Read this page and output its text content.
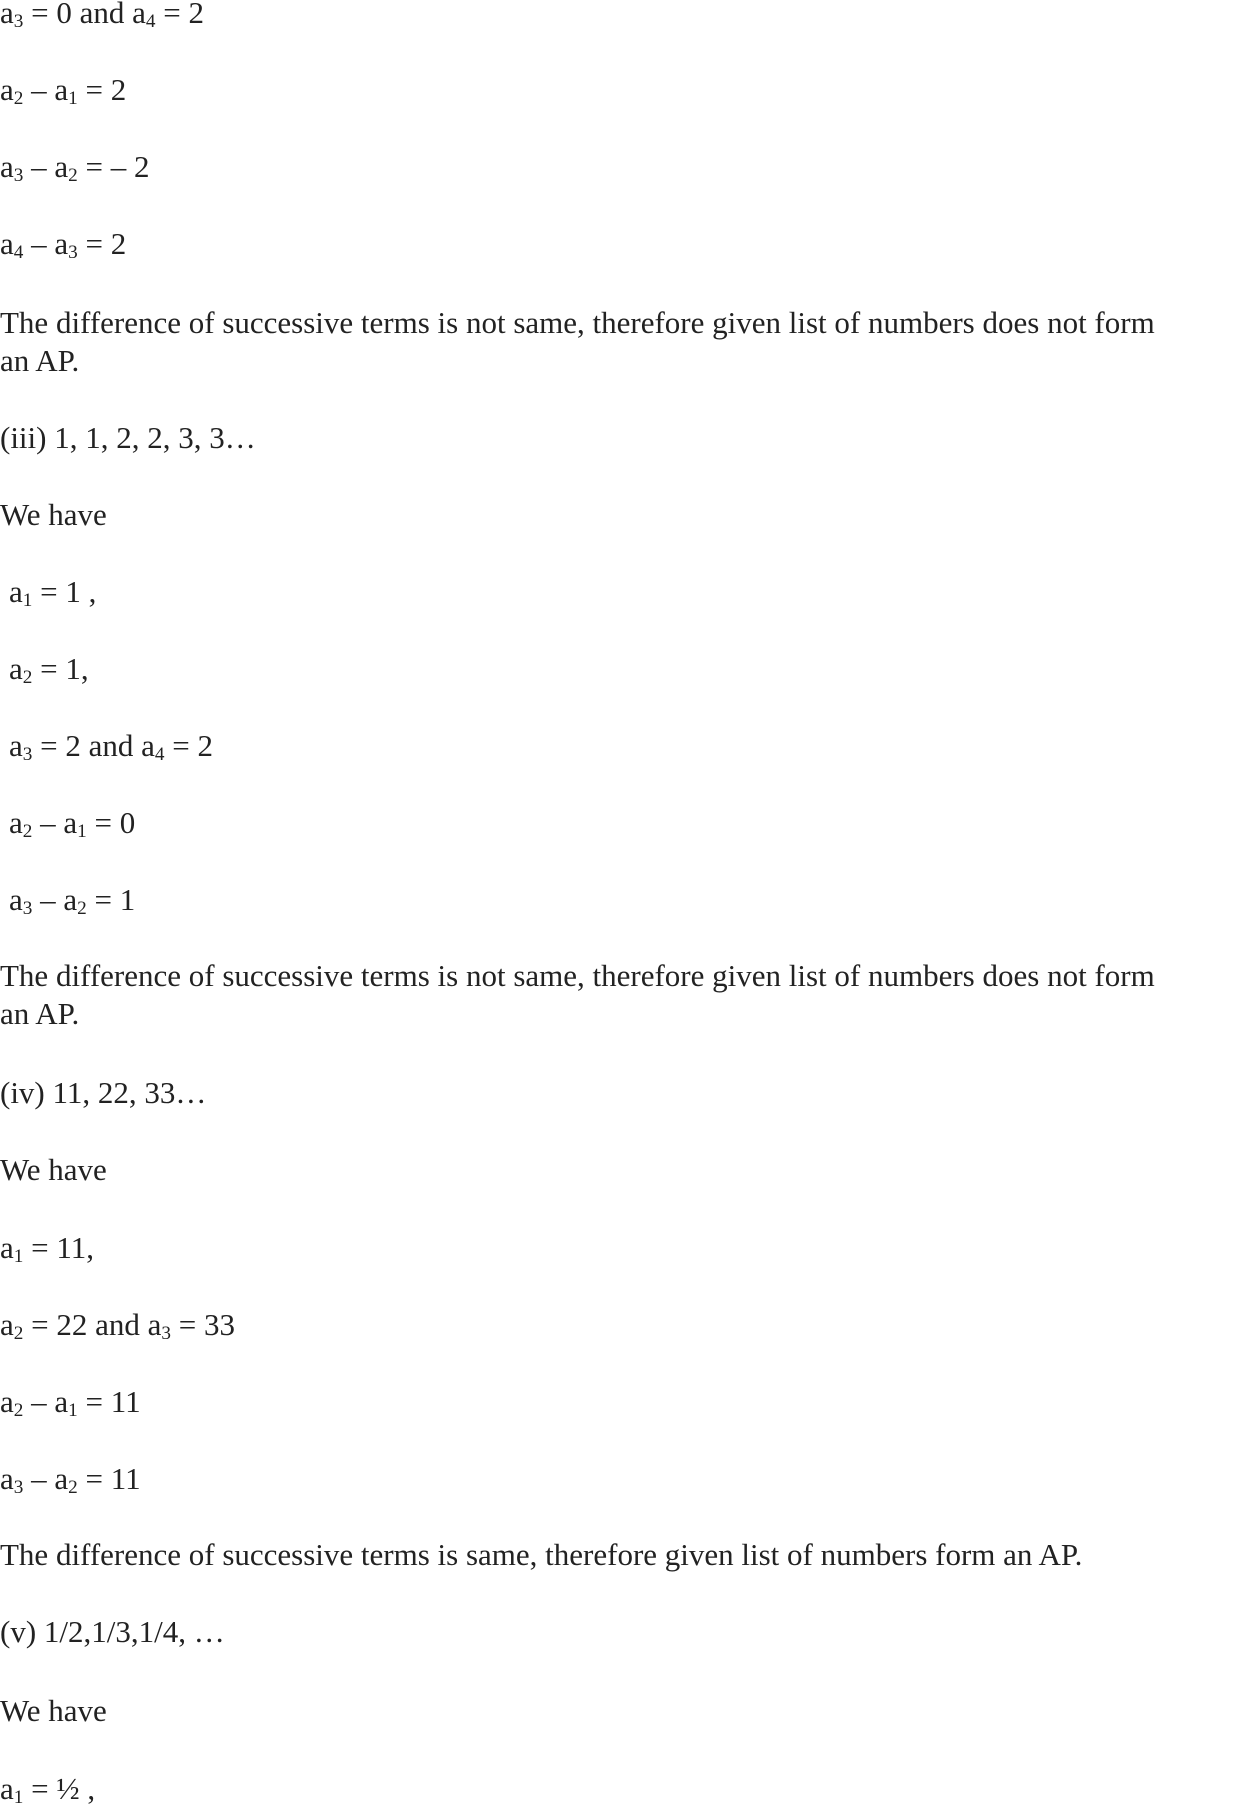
$a_3 = 0$ and $a_4 = 2$
$a_2 - a_1 = 2$
$a_3 - a_2$ = – 2
$a_4 - a_3 = 2$
The difference of successive terms is not same, therefore given list of numbers does not form
an AP.
(iii) 1, 1, 2, 2, 3, 3…
We have
$a_1 = 1$ ,
$a_2 = 1$,
$a_3 = 2$ and $a_4 = 2$
$a_2 - a_1 = 0$
$a_3 - a_2 = 1$
The difference of successive terms is not same, therefore given list of numbers does not form
an AP.
(iv) 11, 22, 33…
We have
$a_1 = 11$,
$a_2 = 22$ and $a_3 = 33$
$a_2 - a_1 = 11$
$a_3 - a_2 = 11$
The difference of successive terms is same, therefore given list of numbers form an AP.
(v) 1/2,1/3,1/4, …
We have
$a_1$ = ½ ,
